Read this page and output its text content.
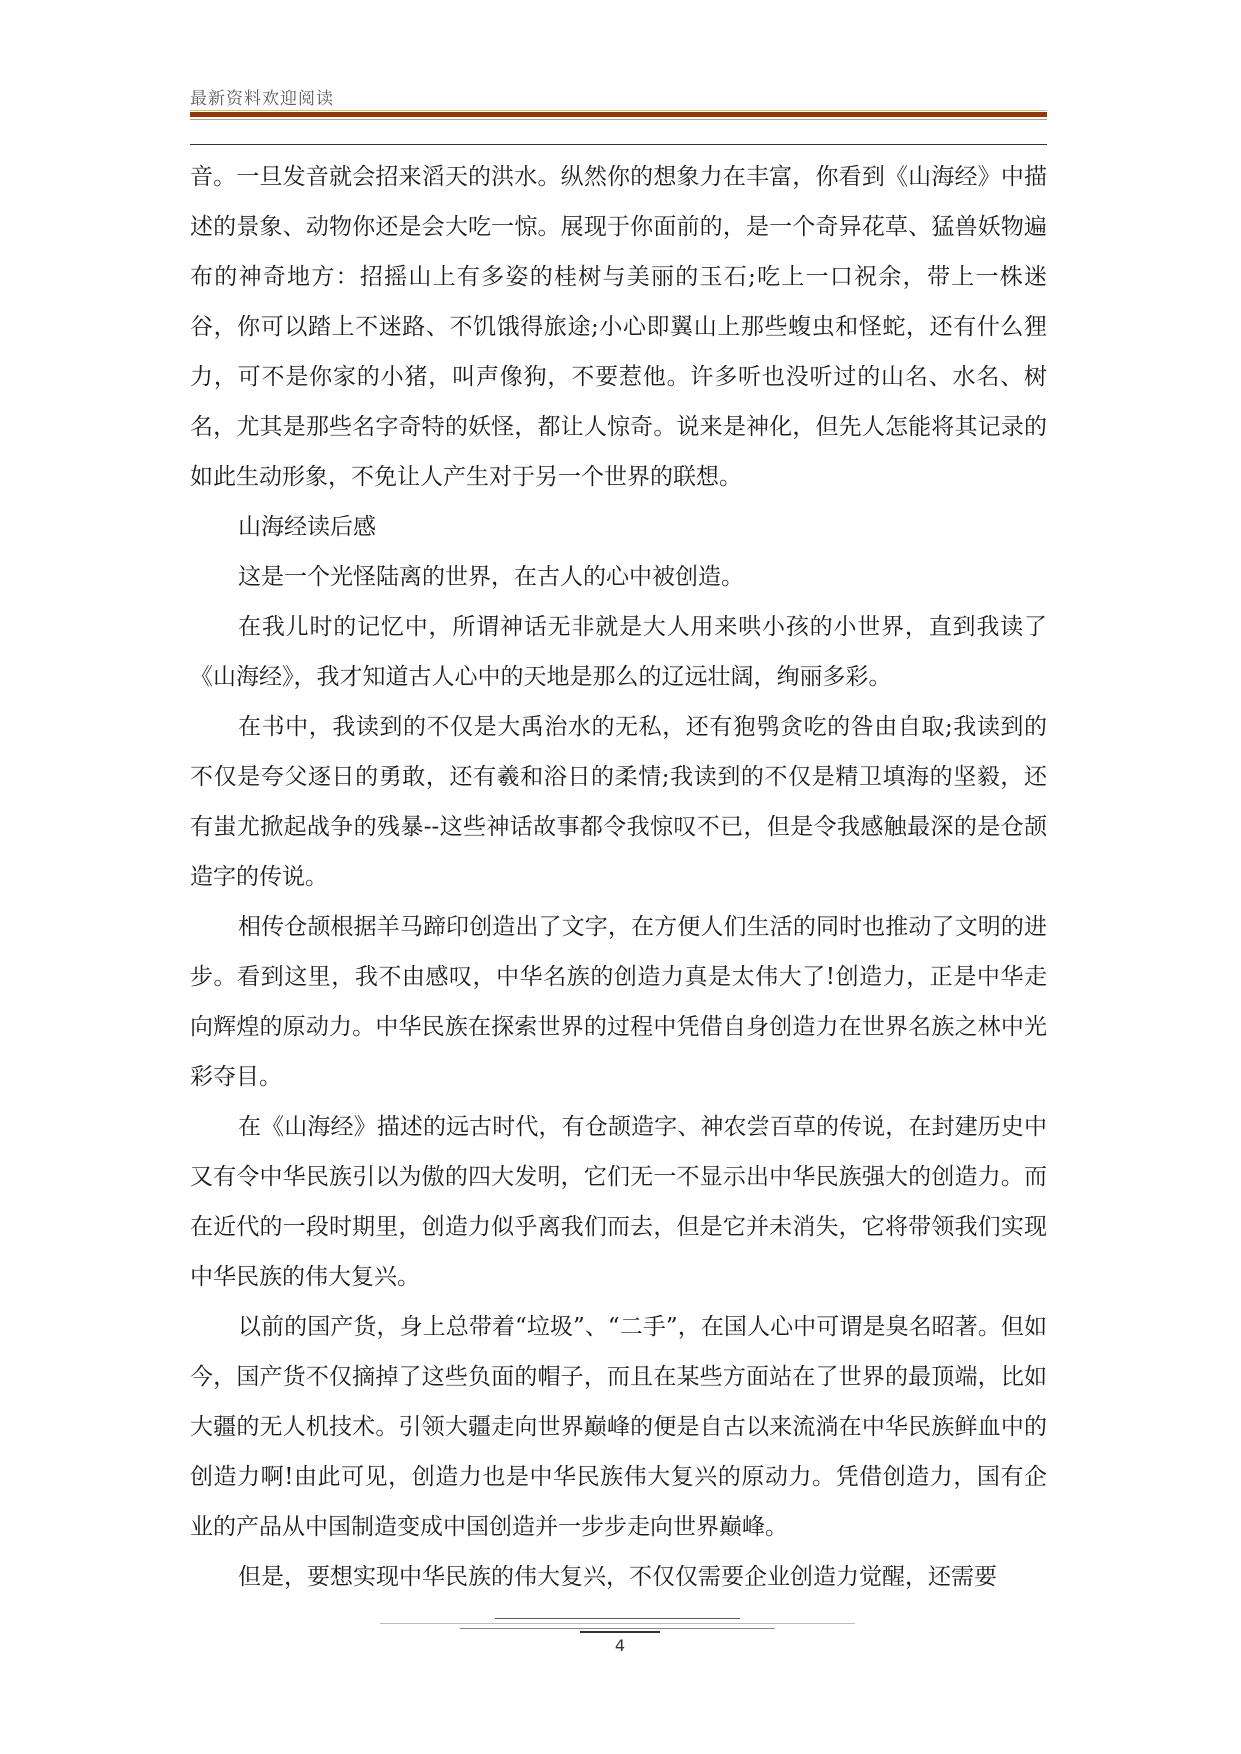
最新资料欢迎阅读

音。一旦发音就会招来滔天的洪水。纵然你的想象力在丰富，你看到《山海经》中描述的景象、动物你还是会大吃一惊。展现于你面前的，是一个奇异花草、猛兽妖物遍布的神奇地方：招摇山上有多姿的桂树与美丽的玉石;吃上一口祝余，带上一株迷谷，你可以踏上不迷路、不饥饿得旅途;小心即翼山上那些蝮虫和怪蛇，还有什么狸力，可不是你家的小猪，叫声像狗，不要惹他。许多听也没听过的山名、水名、树名，尤其是那些名字奇特的妖怪，都让人惊奇。说来是神化，但先人怎能将其记录的如此生动形象，不免让人产生对于另一个世界的联想。

山海经读后感

这是一个光怪陆离的世界，在古人的心中被创造。

在我儿时的记忆中，所谓神话无非就是大人用来哄小孩的小世界，直到我读了《山海经》，我才知道古人心中的天地是那么的辽远壮阔，绚丽多彩。

在书中，我读到的不仅是大禹治水的无私，还有狍鸮贪吃的咎由自取;我读到的不仅是夸父逐日的勇敢，还有羲和浴日的柔情;我读到的不仅是精卫填海的坚毅，还有蚩尤掀起战争的残暴--这些神话故事都令我惊叹不已，但是令我感触最深的是仓颉造字的传说。

相传仓颉根据羊马蹄印创造出了文字，在方便人们生活的同时也推动了文明的进步。看到这里，我不由感叹，中华名族的创造力真是太伟大了!创造力，正是中华走向辉煌的原动力。中华民族在探索世界的过程中凭借自身创造力在世界名族之林中光彩夺目。

在《山海经》描述的远古时代，有仓颉造字、神农尝百草的传说，在封建历史中又有令中华民族引以为傲的四大发明，它们无一不显示出中华民族强大的创造力。而在近代的一段时期里，创造力似乎离我们而去，但是它并未消失，它将带领我们实现中华民族的伟大复兴。

以前的国产货，身上总带着“垃圾”、“二手”，在国人心中可谓是臭名昭著。但如今，国产货不仅摘掉了这些负面的帽子，而且在某些方面站在了世界的最顶端，比如大疆的无人机技术。引领大疆走向世界巅峰的便是自古以来流淌在中华民族鲜血中的创造力啊!由此可见，创造力也是中华民族伟大复兴的原动力。凭借创造力，国有企业的产品从中国制造变成中国创造并一步步走向世界巅峰。

但是，要想实现中华民族的伟大复兴，不仅仅需要企业创造力觉醒，还需要

4
